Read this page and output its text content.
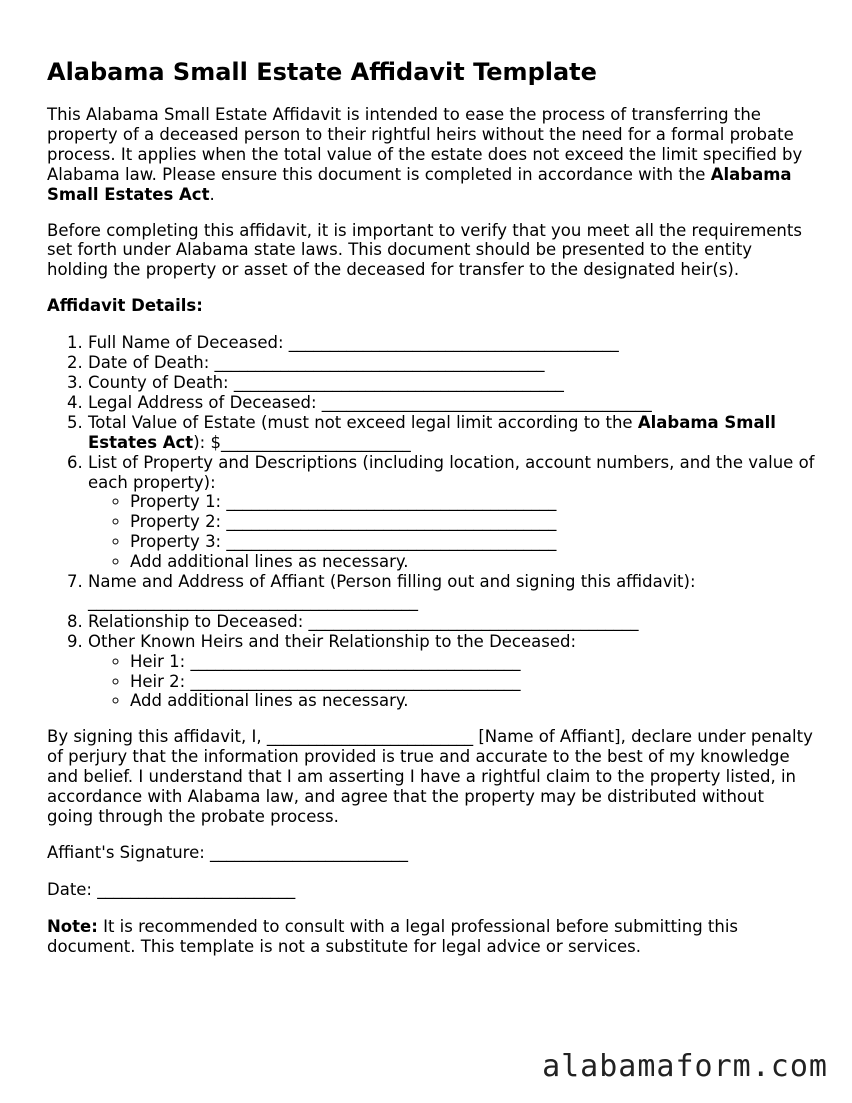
Alabama Small Estate Affidavit Template

This Alabama Small Estate Affidavit is intended to ease the process of transferring the property of a deceased person to their rightful heirs without the need for a formal probate process. It applies when the total value of the estate does not exceed the limit specified by Alabama law. Please ensure this document is completed in accordance with the Alabama Small Estates Act.

Before completing this affidavit, it is important to verify that you meet all the requirements set forth under Alabama state laws. This document should be presented to the entity holding the property or asset of the deceased for transfer to the designated heir(s).

Affidavit Details:
1. Full Name of Deceased: ________________________________________
2. Date of Death: ________________________________________
3. County of Death: ________________________________________
4. Legal Address of Deceased: ________________________________________
5. Total Value of Estate (must not exceed legal limit according to the Alabama Small Estates Act): $_______________________
6. List of Property and Descriptions (including location, account numbers, and the value of each property):
◦ Property 1: ________________________________________
◦ Property 2: ________________________________________
◦ Property 3: ________________________________________
◦ Add additional lines as necessary.
7. Name and Address of Affiant (Person filling out and signing this affidavit): ________________________________________
8. Relationship to Deceased: ________________________________________
9. Other Known Heirs and their Relationship to the Deceased:
◦ Heir 1: ________________________________________
◦ Heir 2: ________________________________________
◦ Add additional lines as necessary.

By signing this affidavit, I, _________________________ [Name of Affiant], declare under penalty of perjury that the information provided is true and accurate to the best of my knowledge and belief. I understand that I am asserting I have a rightful claim to the property listed, in accordance with Alabama law, and agree that the property may be distributed without going through the probate process.

Affiant's Signature: ________________________
Date: ________________________

Note: It is recommended to consult with a legal professional before submitting this document. This template is not a substitute for legal advice or services.

alabamaform.com
